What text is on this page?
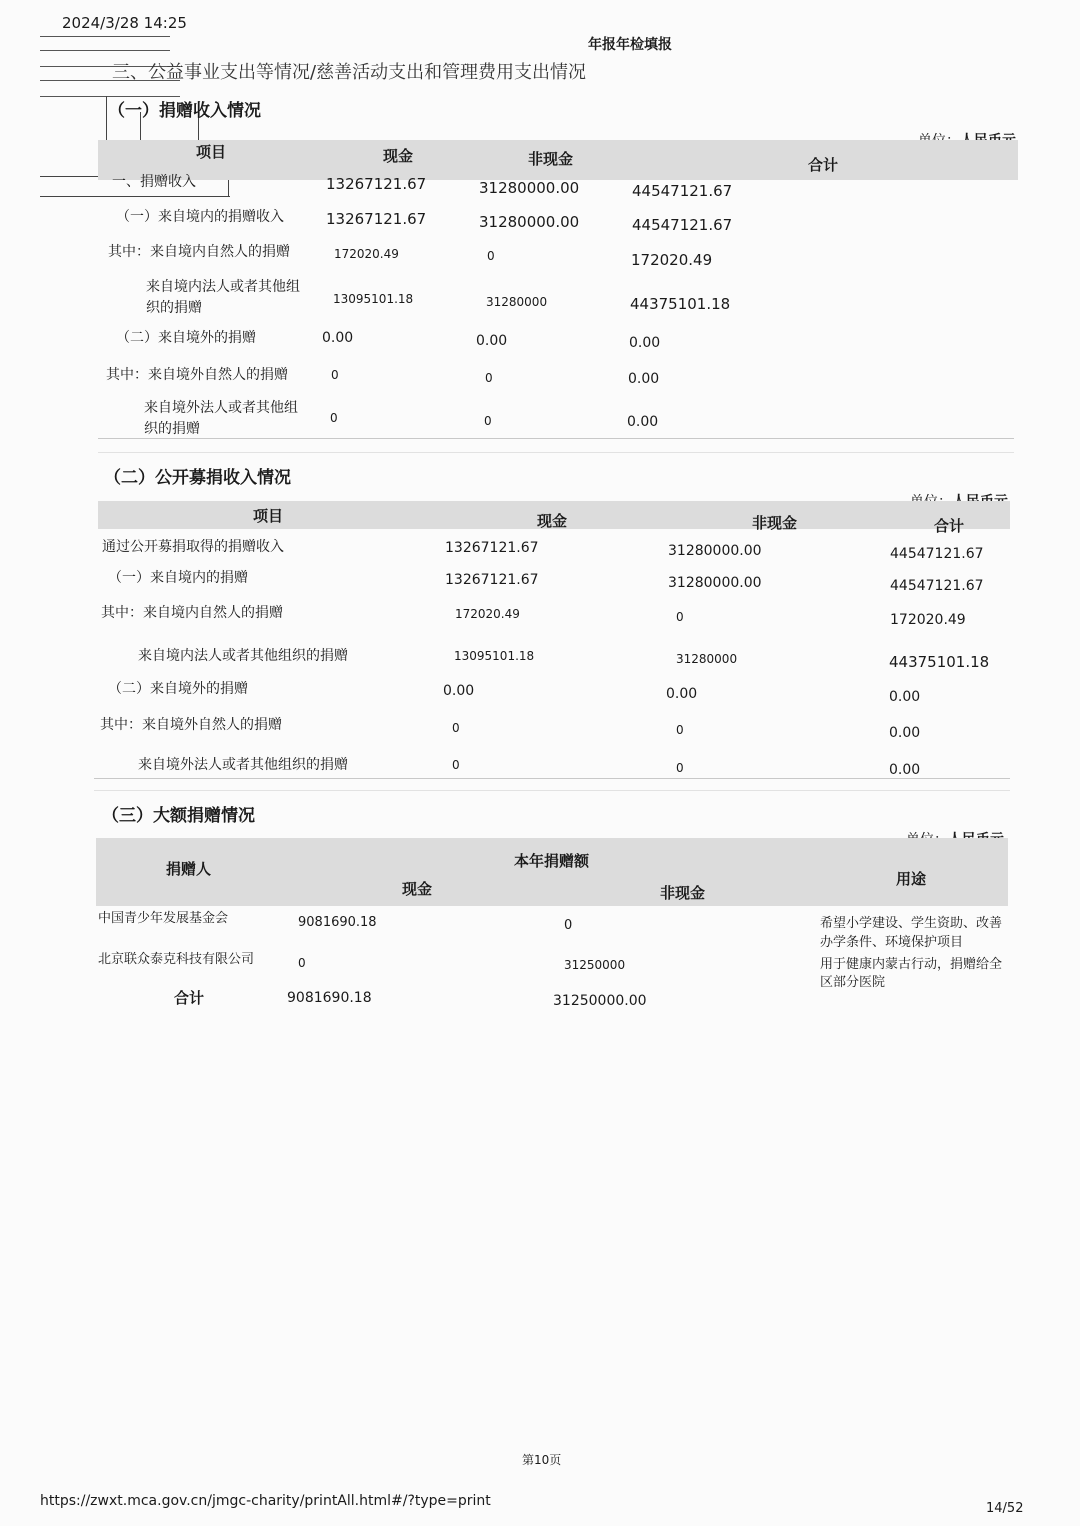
2024/3/28 14:25
年报年检填报
三、公益事业支出等情况/慈善活动支出和管理费用支出情况
（一）捐赠收入情况
项目	现金	非现金	合计
一、捐赠收入	13267121.67	31280000.00	44547121.67
（一）来自境内的捐赠收入	13267121.67	31280000.00	44547121.67
其中：来自境内自然人的捐赠	172020.49	0	172020.49
来自境内法人或者其他组
织的捐赠
13095101.18	31280000	44375101.18
（二）来自境外的捐赠	0.00	0.00	0.00
其中：来自境外自然人的捐赠	0	0	0.00
来自境外法人或者其他组
织的捐赠
0	0	0.00
（二）公开募捐收入情况
项目	现金	非现金	合计
通过公开募捐取得的捐赠收入	13267121.67	31280000.00	44547121.67
（一）来自境内的捐赠	13267121.67	31280000.00	44547121.67
其中：来自境内自然人的捐赠	172020.49	0	172020.49
来自境内法人或者其他组织的捐赠	13095101.18	31280000	44375101.18
（二）来自境外的捐赠	0.00	0.00	0.00
其中：来自境外自然人的捐赠	0	0	0.00
来自境外法人或者其他组织的捐赠	0	0	0.00
（三）大额捐赠情况
捐赠人	本年捐赠额
现金	非现金
用途
中国青少年发展基金会	9081690.18	0	希望小学建设、学生资助、改善
办学条件、环境保护项目
北京联众泰克科技有限公司	0	31250000	用于健康内蒙古行动，捐赠给全
区部分医院
合计	9081690.18	31250000.00
第10页
https://zwxt.mca.gov.cn/jmgc-charity/printAll.html#/?type=print	14/52
